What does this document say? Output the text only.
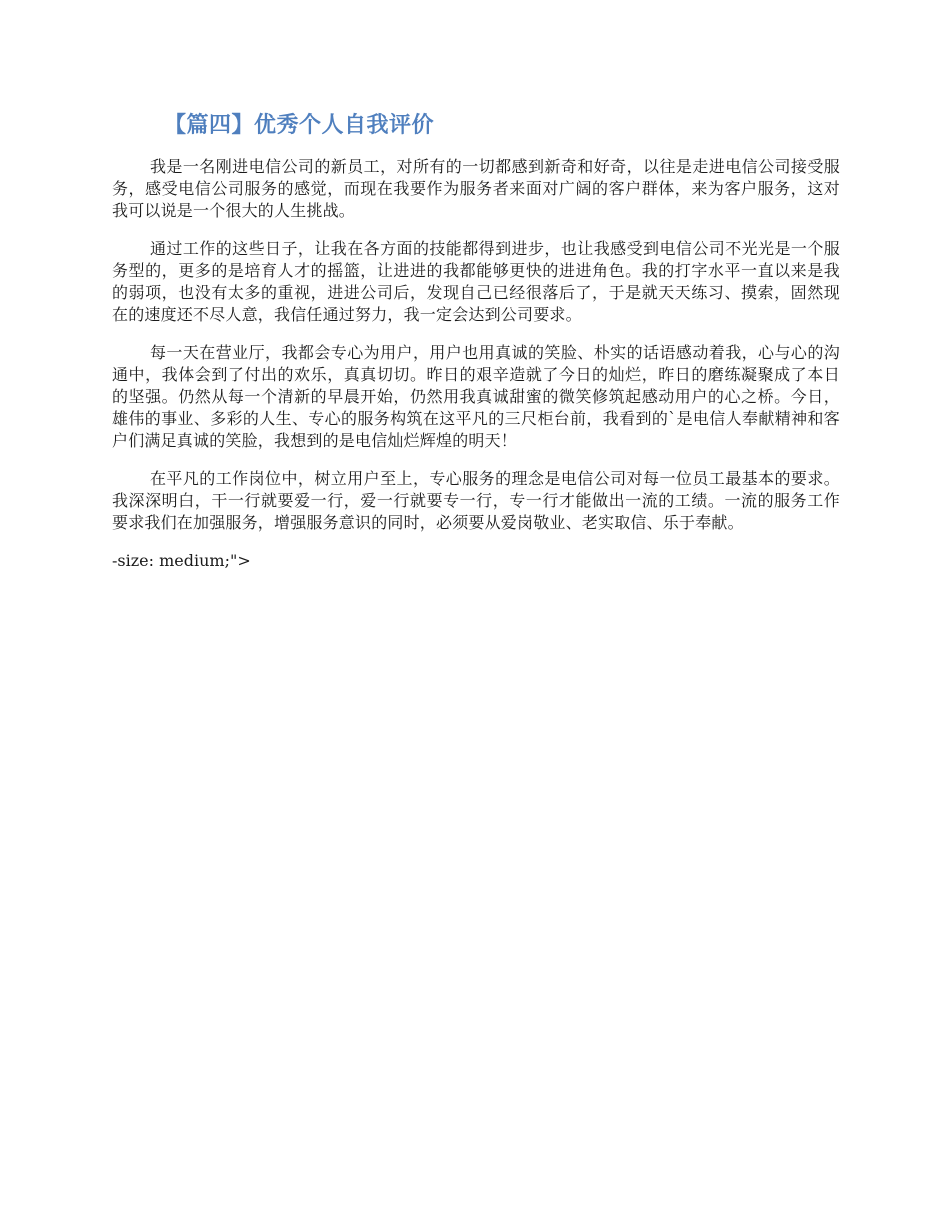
【篇四】优秀个人自我评价

我是一名刚进电信公司的新员工，对所有的一切都感到新奇和好奇，以往是走进电信公司接受服务，感受电信公司服务的感觉，而现在我要作为服务者来面对广阔的客户群体，来为客户服务，这对我可以说是一个很大的人生挑战。

通过工作的这些日子，让我在各方面的技能都得到进步，也让我感受到电信公司不光光是一个服务型的，更多的是培育人才的摇篮，让进进的我都能够更快的进进角色。我的打字水平一直以来是我的弱项，也没有太多的重视，进进公司后，发现自己已经很落后了，于是就天天练习、摸索，固然现在的速度还不尽人意，我信任通过努力，我一定会达到公司要求。

每一天在营业厅，我都会专心为用户，用户也用真诚的笑脸、朴实的话语感动着我，心与心的沟通中，我体会到了付出的欢乐，真真切切。昨日的艰辛造就了今日的灿烂，昨日的磨练凝聚成了本日的坚强。仍然从每一个清新的早晨开始，仍然用我真诚甜蜜的微笑修筑起感动用户的心之桥。今日，雄伟的事业、多彩的人生、专心的服务构筑在这平凡的三尺柜台前，我看到的`是电信人奉献精神和客户们满足真诚的笑脸，我想到的是电信灿烂辉煌的明天！

在平凡的工作岗位中，树立用户至上，专心服务的理念是电信公司对每一位员工最基本的要求。我深深明白，干一行就要爱一行，爱一行就要专一行，专一行才能做出一流的工绩。一流的服务工作要求我们在加强服务，增强服务意识的同时，必须要从爱岗敬业、老实取信、乐于奉献。

-size: medium;">
